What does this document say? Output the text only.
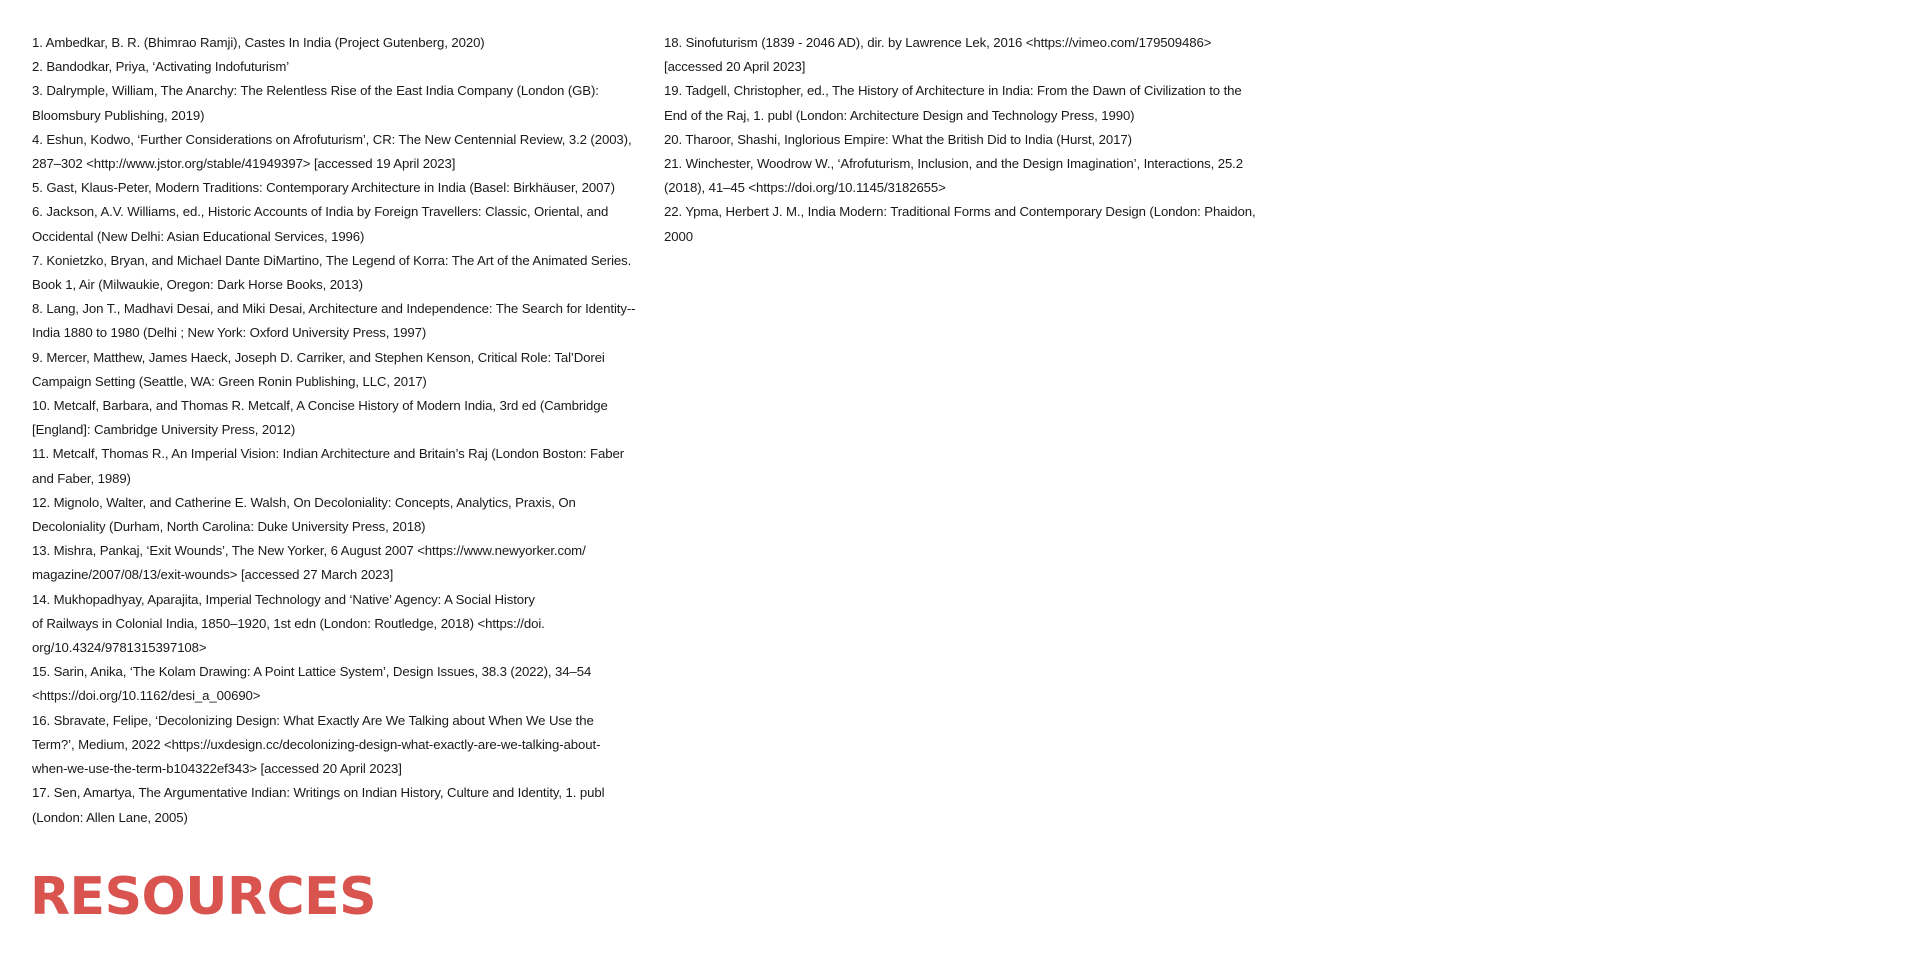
1. Ambedkar, B. R. (Bhimrao Ramji), Castes In India (Project Gutenberg, 2020)
2. Bandodkar, Priya, ‘Activating Indofuturism’
3. Dalrymple, William, The Anarchy: The Relentless Rise of the East India Company (London (GB):
Bloomsbury Publishing, 2019)
4. Eshun, Kodwo, ‘Further Considerations on Afrofuturism’, CR: The New Centennial Review, 3.2 (2003),
287–302 <http://www.jstor.org/stable/41949397> [accessed 19 April 2023]
5. Gast, Klaus-Peter, Modern Traditions: Contemporary Architecture in India (Basel: Birkhäuser, 2007)
6. Jackson, A.V. Williams, ed., Historic Accounts of India by Foreign Travellers: Classic, Oriental, and
Occidental (New Delhi: Asian Educational Services, 1996)
7. Konietzko, Bryan, and Michael Dante DiMartino, The Legend of Korra: The Art of the Animated Series.
Book 1, Air (Milwaukie, Oregon: Dark Horse Books, 2013)
8. Lang, Jon T., Madhavi Desai, and Miki Desai, Architecture and Independence: The Search for Identity--
India 1880 to 1980 (Delhi ; New York: Oxford University Press, 1997)
9. Mercer, Matthew, James Haeck, Joseph D. Carriker, and Stephen Kenson, Critical Role: Tal’Dorei
Campaign Setting (Seattle, WA: Green Ronin Publishing, LLC, 2017)
10. Metcalf, Barbara, and Thomas R. Metcalf, A Concise History of Modern India, 3rd ed (Cambridge
[England]: Cambridge University Press, 2012)
11. Metcalf, Thomas R., An Imperial Vision: Indian Architecture and Britain’s Raj (London Boston: Faber
and Faber, 1989)
12. Mignolo, Walter, and Catherine E. Walsh, On Decoloniality: Concepts, Analytics, Praxis, On
Decoloniality (Durham, North Carolina: Duke University Press, 2018)
13. Mishra, Pankaj, ‘Exit Wounds’, The New Yorker, 6 August 2007 <https://www.newyorker.com/
magazine/2007/08/13/exit-wounds> [accessed 27 March 2023]
14. Mukhopadhyay, Aparajita, Imperial Technology and ‘Native’ Agency: A Social History
of Railways in Colonial India, 1850–1920, 1st edn (London: Routledge, 2018) <https://doi.
org/10.4324/9781315397108>
15. Sarin, Anika, ‘The Kolam Drawing: A Point Lattice System’, Design Issues, 38.3 (2022), 34–54
<https://doi.org/10.1162/desi_a_00690>
16. Sbravate, Felipe, ‘Decolonizing Design: What Exactly Are We Talking about When We Use the
Term?’, Medium, 2022 <https://uxdesign.cc/decolonizing-design-what-exactly-are-we-talking-about-
when-we-use-the-term-b104322ef343> [accessed 20 April 2023]
17. Sen, Amartya, The Argumentative Indian: Writings on Indian History, Culture and Identity, 1. publ
(London: Allen Lane, 2005)
18. Sinofuturism (1839 - 2046 AD), dir. by Lawrence Lek, 2016 <https://vimeo.com/179509486>
[accessed 20 April 2023]
19. Tadgell, Christopher, ed., The History of Architecture in India: From the Dawn of Civilization to the
End of the Raj, 1. publ (London: Architecture Design and Technology Press, 1990)
20. Tharoor, Shashi, Inglorious Empire: What the British Did to India (Hurst, 2017)
21. Winchester, Woodrow W., ‘Afrofuturism, Inclusion, and the Design Imagination’, Interactions, 25.2
(2018), 41–45 <https://doi.org/10.1145/3182655>
22. Ypma, Herbert J. M., India Modern: Traditional Forms and Contemporary Design (London: Phaidon,
2000
RESOURCES
